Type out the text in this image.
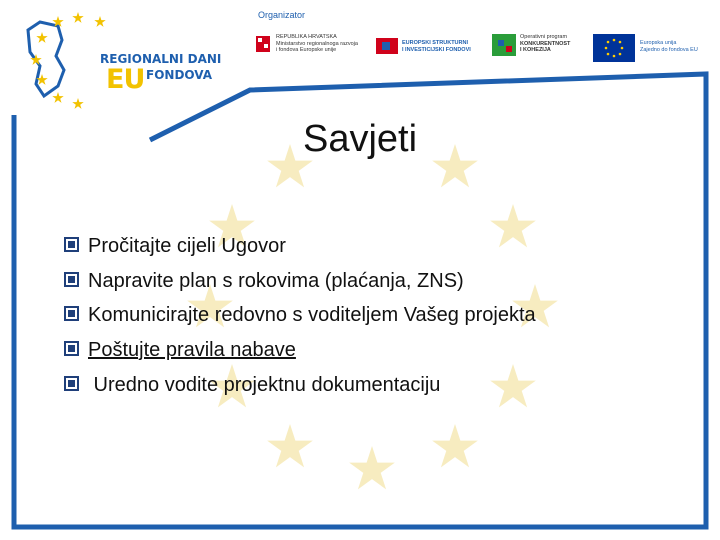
REGIONALNI DANI
EU FONDOVA
Organizator
REPUBLIKA HRVATSKA
Ministarstvo regionalnoga razvoja
i fondova Europske unije
EUROPSKI STRUKTURNI
I INVESTICIJSKI FONDOVI
Operativni program
KONKURENTNOST
I KOHEZIJA
Europska unija
Zajedno do fondova EU
Savjeti
Pročitajte cijeli Ugovor
Napravite plan s rokovima (plaćanja, ZNS)
Komunicirajte redovno s voditeljem Vašeg projekta
Poštujte pravila nabave
Uredno vodite projektnu dokumentaciju
